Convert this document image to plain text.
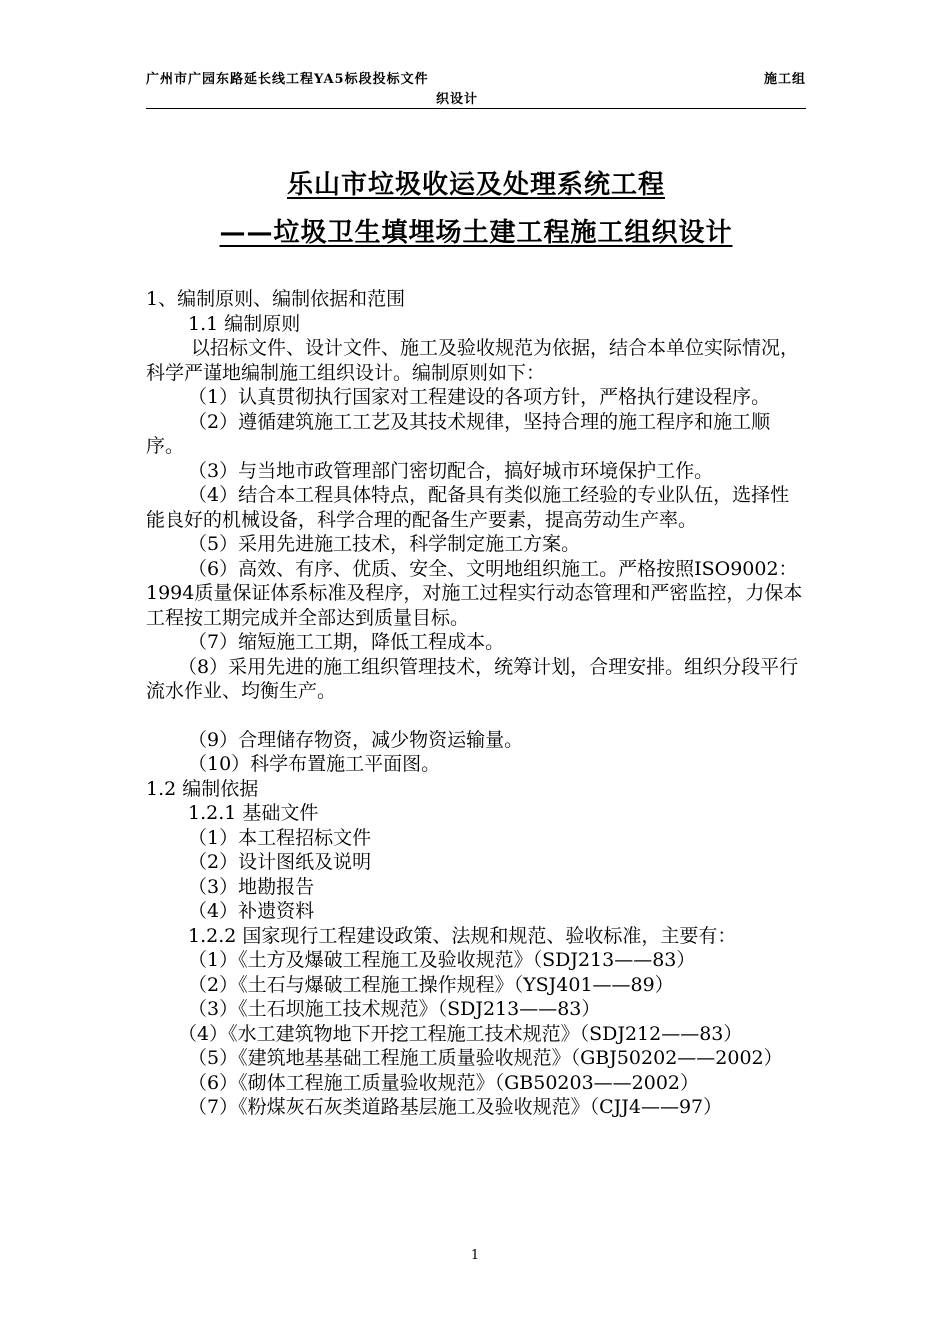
广州市广园东路延长线工程YA5标段投标文件	施工组
织设计
乐山市垃圾收运及处理系统工程
——垃圾卫生填埋场土建工程施工组织设计

1、编制原则、编制依据和范围

1.1 编制原则

以招标文件、设计文件、施工及验收规范为依据，结合本单位实际情况，科学严谨地编制施工组织设计。编制原则如下：

（1）认真贯彻执行国家对工程建设的各项方针，严格执行建设程序。

（2）遵循建筑施工工艺及其技术规律，坚持合理的施工程序和施工顺序。

（3）与当地市政管理部门密切配合，搞好城市环境保护工作。

（4）结合本工程具体特点，配备具有类似施工经验的专业队伍，选择性能良好的机械设备，科学合理的配备生产要素，提高劳动生产率。

（5）采用先进施工技术，科学制定施工方案。

（6）高效、有序、优质、安全、文明地组织施工。严格按照ISO9002：1994质量保证体系标准及程序，对施工过程实行动态管理和严密监控，力保本工程按工期完成并全部达到质量目标。

（7）缩短施工工期，降低工程成本。

（8）采用先进的施工组织管理技术，统筹计划，合理安排。组织分段平行流水作业、均衡生产。

（9）合理储存物资，减少物资运输量。

（10）科学布置施工平面图。

1.2 编制依据

1.2.1 基础文件

（1）本工程招标文件

（2）设计图纸及说明

（3）地勘报告

（4）补遗资料

1.2.2 国家现行工程建设政策、法规和规范、验收标准，主要有：

（1）《土方及爆破工程施工及验收规范》（SDJ213——83）

（2）《土石与爆破工程施工操作规程》（YSJ401——89）

（3）《土石坝施工技术规范》（SDJ213——83）

（4）《水工建筑物地下开挖工程施工技术规范》（SDJ212——83）

（5）《建筑地基基础工程施工质量验收规范》（GBJ50202——2002）

（6）《砌体工程施工质量验收规范》（GB50203——2002）

（7）《粉煤灰石灰类道路基层施工及验收规范》（CJJ4——97）

1
